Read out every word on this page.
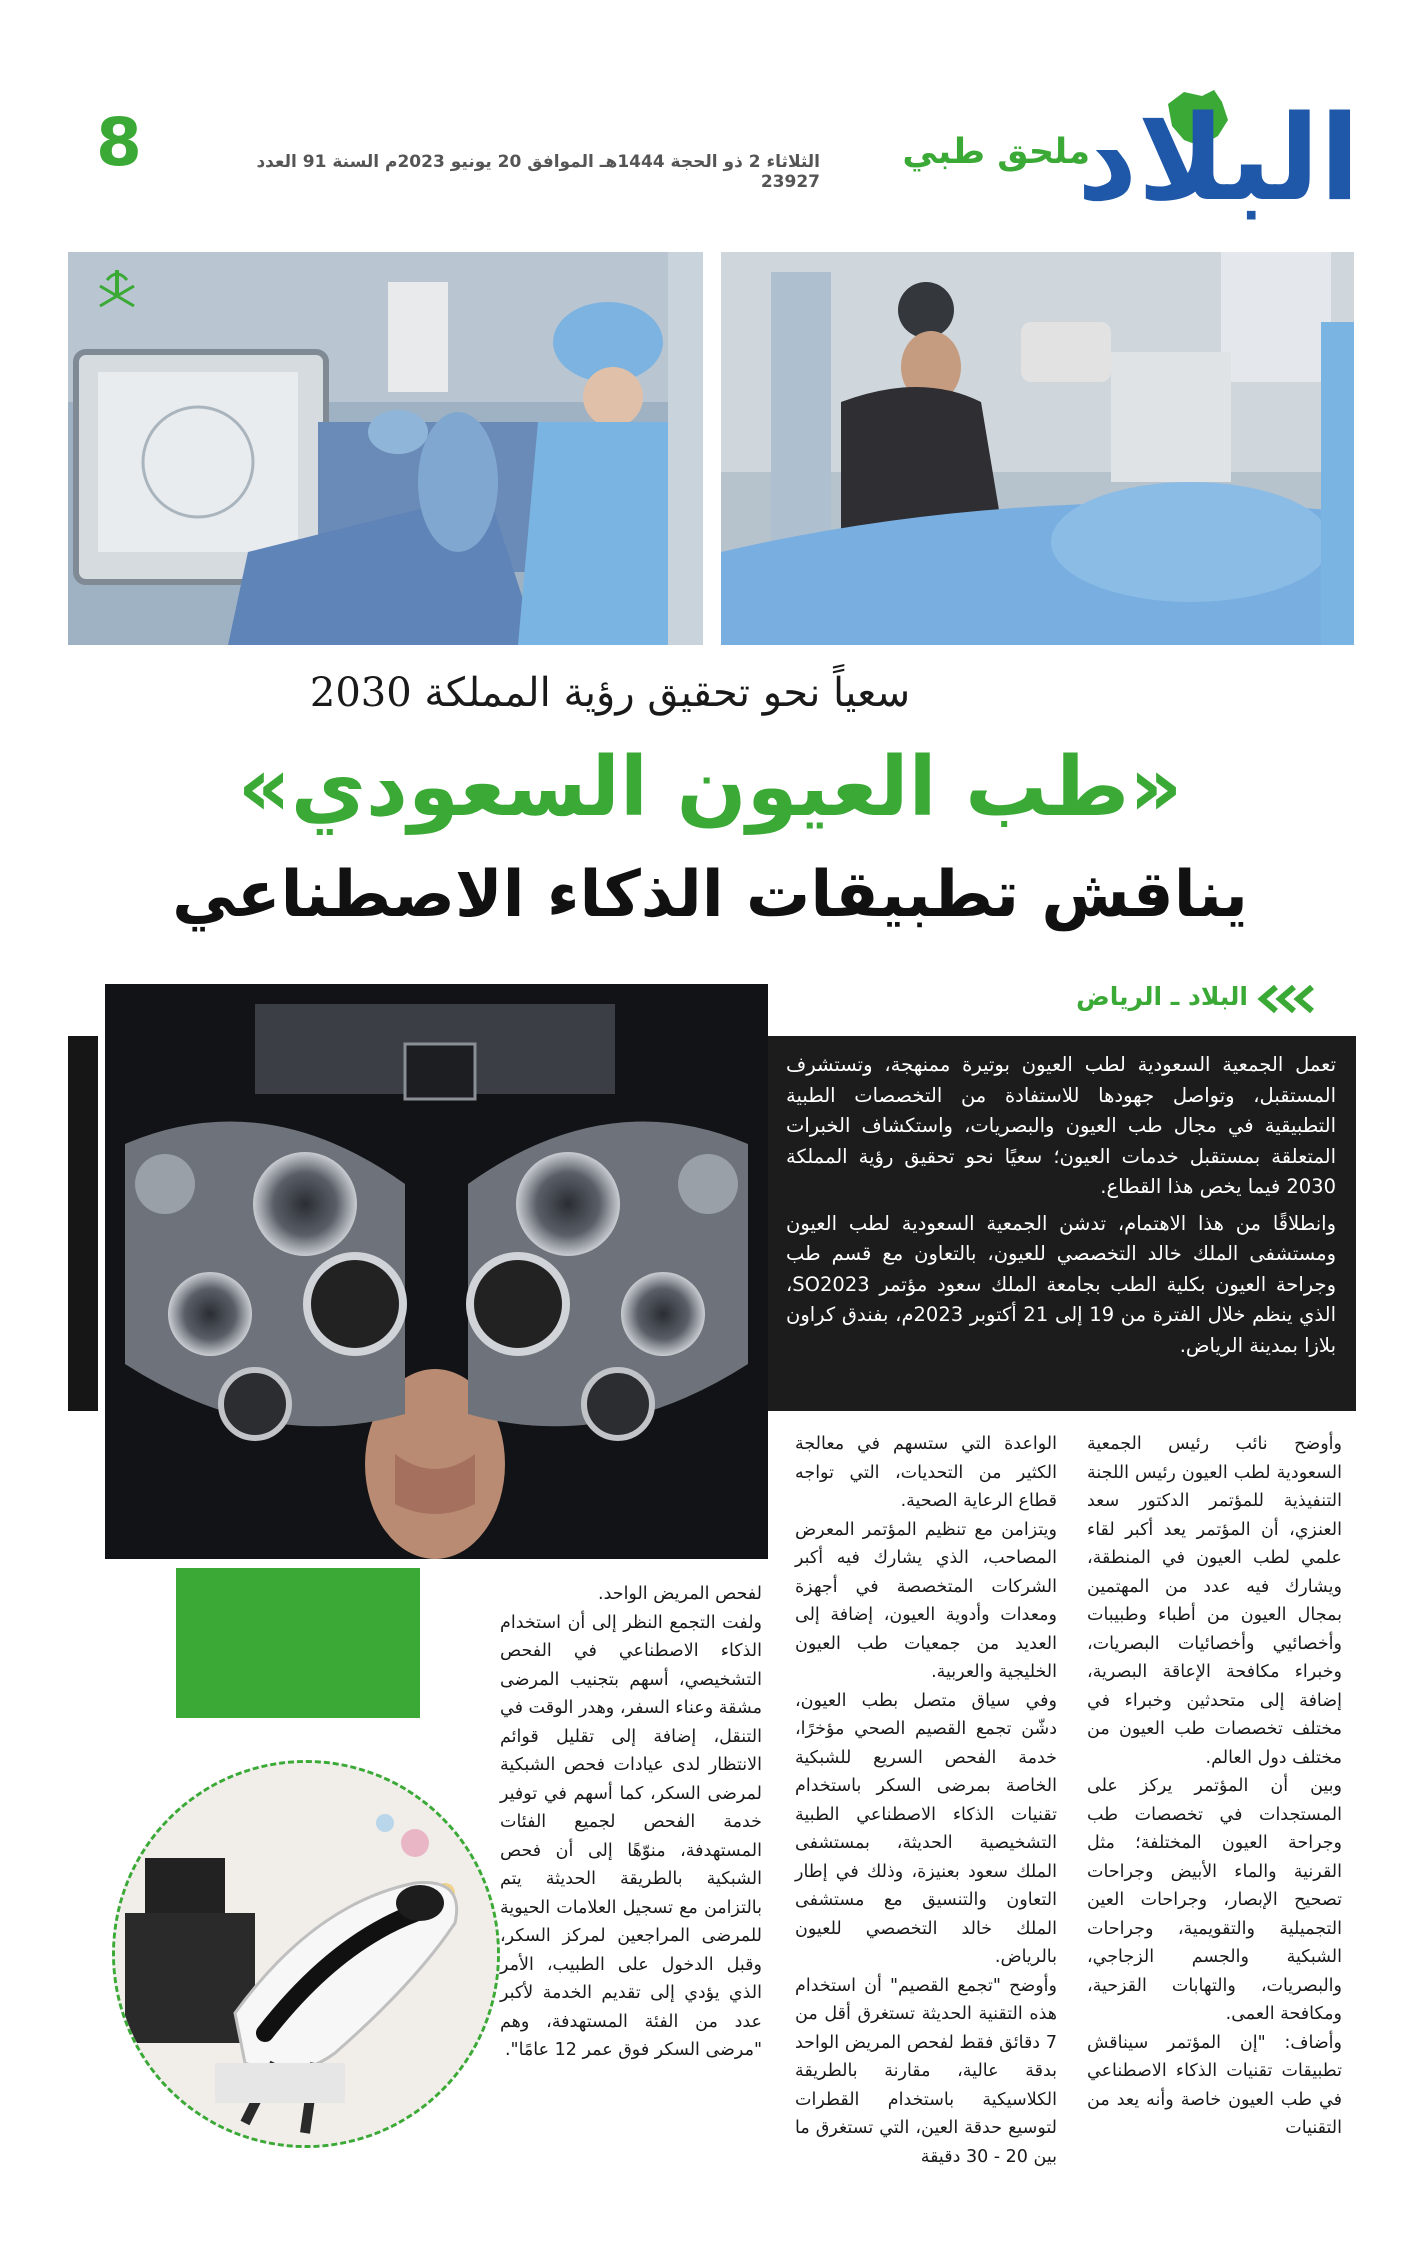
البلاد
ملحق طبي
الثلاثاء 2 ذو الحجة 1444هـ الموافق 20 يونيو 2023م السنة 91 العدد 23927
8
سعياً نحو تحقيق رؤية المملكة 2030
«طب العيون السعودي»
يناقش تطبيقات الذكاء الاصطناعي
البلاد ـ الرياض

تعمل الجمعية السعودية لطب العيون بوتيرة ممنهجة، وتستشرف المستقبل، وتواصل جهودها للاستفادة من التخصصات الطبية التطبيقية في مجال طب العيون والبصريات، واستكشاف الخبرات المتعلقة بمستقبل خدمات العيون؛ سعيًا نحو تحقيق رؤية المملكة 2030 فيما يخص هذا القطاع.

وانطلاقًا من هذا الاهتمام، تدشن الجمعية السعودية لطب العيون ومستشفى الملك خالد التخصصي للعيون، بالتعاون مع قسم طب وجراحة العيون بكلية الطب بجامعة الملك سعود مؤتمر SO2023، الذي ينظم خلال الفترة من 19 إلى 21 أكتوبر 2023م، بفندق كراون بلازا بمدينة الرياض.

وأوضح نائب رئيس الجمعية السعودية لطب العيون رئيس اللجنة التنفيذية للمؤتمر الدكتور سعد العنزي، أن المؤتمر يعد أكبر لقاء علمي لطب العيون في المنطقة، ويشارك فيه عدد من المهتمين بمجال العيون من أطباء وطبيبات وأخصائيي وأخصائيات البصريات، وخبراء مكافحة الإعاقة البصرية، إضافة إلى متحدثين وخبراء في مختلف تخصصات طب العيون من مختلف دول العالم.

وبين أن المؤتمر يركز على المستجدات في تخصصات طب وجراحة العيون المختلفة؛ مثل القرنية والماء الأبيض وجراحات تصحيح الإبصار، وجراحات العين التجميلية والتقويمية، وجراحات الشبكية والجسم الزجاجي، والبصريات، والتهابات القزحية، ومكافحة العمى.

وأضاف: "إن المؤتمر سيناقش تطبيقات تقنيات الذكاء الاصطناعي في طب العيون خاصة وأنه يعد من التقنيات

الواعدة التي ستسهم في معالجة الكثير من التحديات، التي تواجه قطاع الرعاية الصحية.

ويتزامن مع تنظيم المؤتمر المعرض المصاحب، الذي يشارك فيه أكبر الشركات المتخصصة في أجهزة ومعدات وأدوية العيون، إضافة إلى العديد من جمعيات طب العيون الخليجية والعربية.

وفي سياق متصل بطب العيون، دشّن تجمع القصيم الصحي مؤخرًا، خدمة الفحص السريع للشبكية الخاصة بمرضى السكر باستخدام تقنيات الذكاء الاصطناعي الطبية التشخيصية الحديثة، بمستشفى الملك سعود بعنيزة، وذلك في إطار التعاون والتنسيق مع مستشفى الملك خالد التخصصي للعيون بالرياض.

وأوضح "تجمع القصيم" أن استخدام هذه التقنية الحديثة تستغرق أقل من 7 دقائق فقط لفحص المريض الواحد بدقة عالية، مقارنة بالطريقة الكلاسيكية باستخدام القطرات لتوسيع حدقة العين، التي تستغرق ما بين 20 - 30 دقيقة

لفحص المريض الواحد.

ولفت التجمع النظر إلى أن استخدام الذكاء الاصطناعي في الفحص التشخيصي، أسهم بتجنيب المرضى مشقة وعناء السفر، وهدر الوقت في التنقل، إضافة إلى تقليل قوائم الانتظار لدى عيادات فحص الشبكية لمرضى السكر، كما أسهم في توفير خدمة الفحص لجميع الفئات المستهدفة، منوّهًا إلى أن فحص الشبكية بالطريقة الحديثة يتم بالتزامن مع تسجيل العلامات الحيوية للمرضى المراجعين لمركز السكر، وقبل الدخول على الطبيب، الأمر الذي يؤدي إلى تقديم الخدمة لأكبر عدد من الفئة المستهدفة، وهم "مرضى السكر فوق عمر 12 عامًا".
